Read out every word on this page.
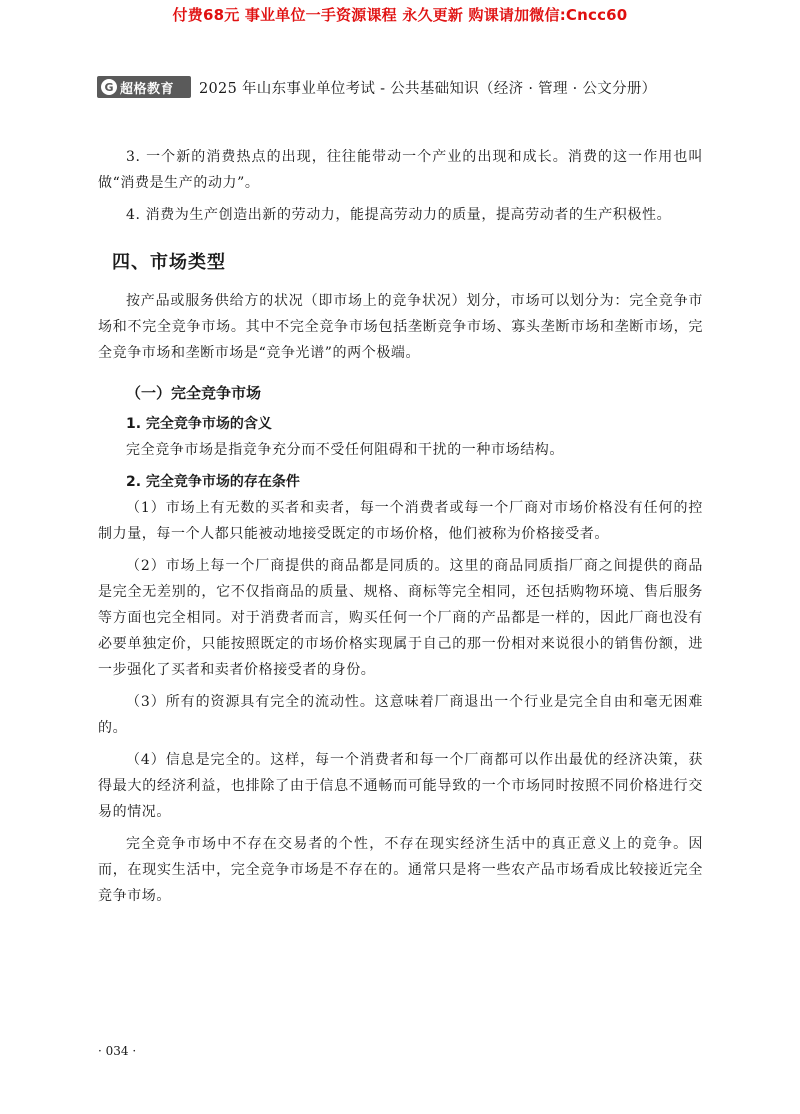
付费68元 事业单位一手资源课程 永久更新 购课请加微信:Cncc60
G 超格教育 2025 年山东事业单位考试 - 公共基础知识（经济 · 管理 · 公文分册）

3. 一个新的消费热点的出现，往往能带动一个产业的出现和成长。消费的这一作用也叫做“消费是生产的动力”。

4. 消费为生产创造出新的劳动力，能提高劳动力的质量，提高劳动者的生产积极性。

四、市场类型

按产品或服务供给方的状况（即市场上的竞争状况）划分，市场可以划分为：完全竞争市场和不完全竞争市场。其中不完全竞争市场包括垄断竞争市场、寡头垄断市场和垄断市场，完全竞争市场和垄断市场是“竞争光谱”的两个极端。

（一）完全竞争市场
1. 完全竞争市场的含义

完全竞争市场是指竞争充分而不受任何阻碍和干扰的一种市场结构。

2. 完全竞争市场的存在条件

（1）市场上有无数的买者和卖者，每一个消费者或每一个厂商对市场价格没有任何的控制力量，每一个人都只能被动地接受既定的市场价格，他们被称为价格接受者。

（2）市场上每一个厂商提供的商品都是同质的。这里的商品同质指厂商之间提供的商品是完全无差别的，它不仅指商品的质量、规格、商标等完全相同，还包括购物环境、售后服务等方面也完全相同。对于消费者而言，购买任何一个厂商的产品都是一样的，因此厂商也没有必要单独定价，只能按照既定的市场价格实现属于自己的那一份相对来说很小的销售份额，进一步强化了买者和卖者价格接受者的身份。

（3）所有的资源具有完全的流动性。这意味着厂商退出一个行业是完全自由和毫无困难的。

（4）信息是完全的。这样，每一个消费者和每一个厂商都可以作出最优的经济决策，获得最大的经济利益，也排除了由于信息不通畅而可能导致的一个市场同时按照不同价格进行交易的情况。

完全竞争市场中不存在交易者的个性，不存在现实经济生活中的真正意义上的竞争。因而，在现实生活中，完全竞争市场是不存在的。通常只是将一些农产品市场看成比较接近完全竞争市场。

· 034 ·
